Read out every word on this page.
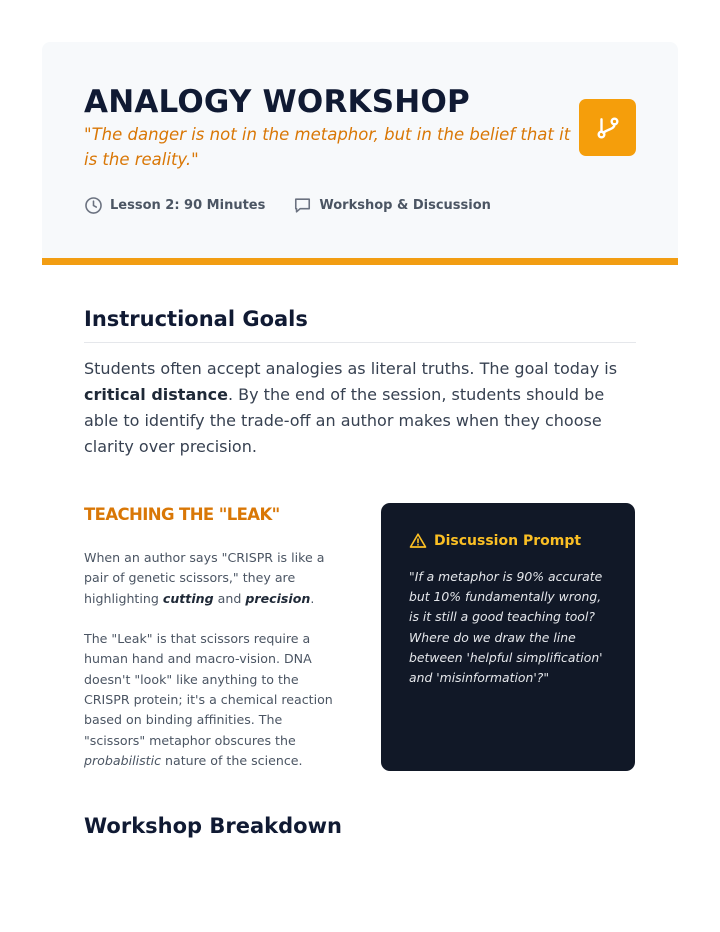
ANALOGY WORKSHOP
"The danger is not in the metaphor, but in the belief that it is the reality."
Lesson 2: 90 Minutes	Workshop & Discussion
Instructional Goals
Students often accept analogies as literal truths. The goal today is critical distance. By the end of the session, students should be able to identify the trade-off an author makes when they choose clarity over precision.
TEACHING THE "LEAK"

When an author says "CRISPR is like a pair of genetic scissors," they are highlighting cutting and precision.

The "Leak" is that scissors require a human hand and macro-vision. DNA doesn't "look" like anything to the CRISPR protein; it's a chemical reaction based on binding affinities. The "scissors" metaphor obscures the probabilistic nature of the science.

Discussion Prompt
"If a metaphor is 90% accurate but 10% fundamentally wrong, is it still a good teaching tool? Where do we draw the line between 'helpful simplification' and 'misinformation'?"
Workshop Breakdown
